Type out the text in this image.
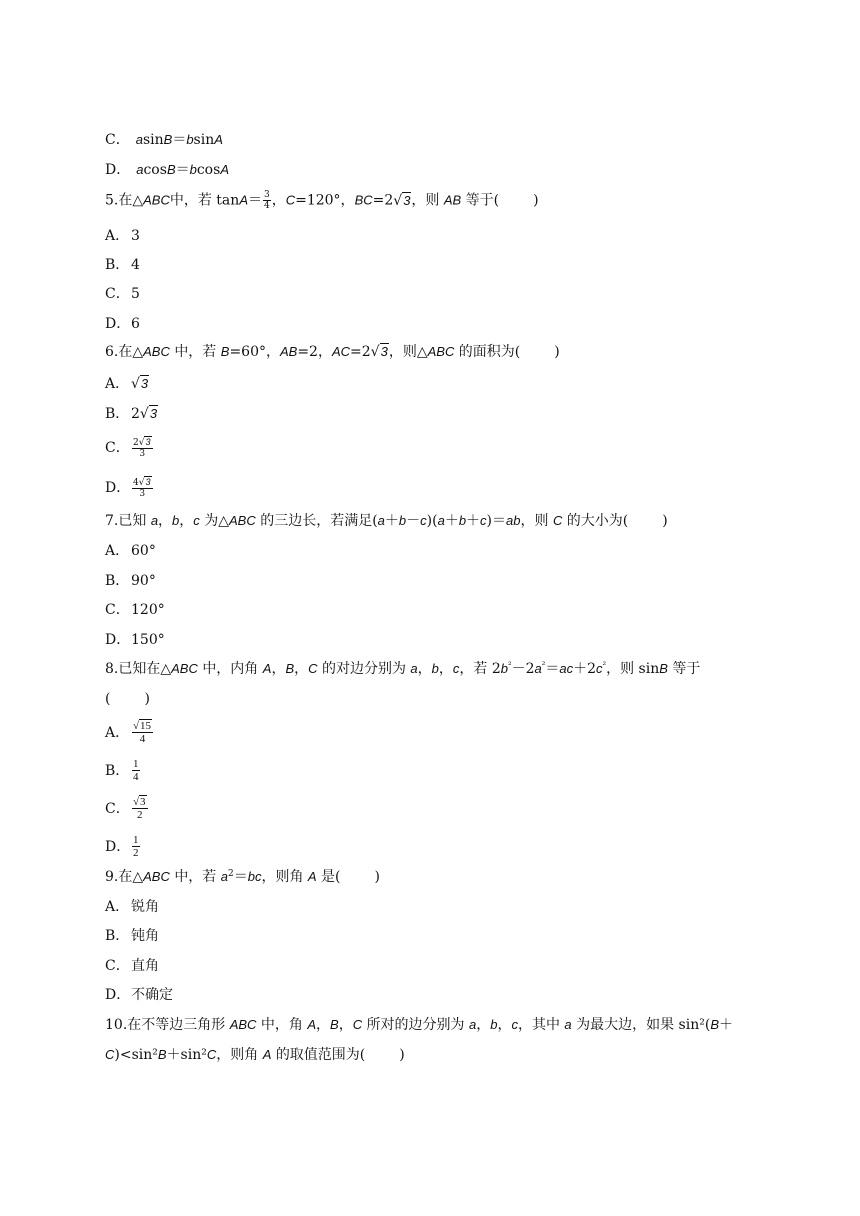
C． asinB＝bsinA
D． acosB＝bcosA
5.在△ABC中，若 $\tan A= \frac{3}{4}$ ，C=120°，BC=2√3，则 AB 等于( )
A． 3
B． 4
C．5
D．6
6.在△ABC 中，若 B=60°，AB=2，AC=2√3，则△ABC 的面积为( )
A． √3
B． 2√3
C． $\frac{2√3}{3}$
D． $\frac{4√3}{3}$
7.已知 a，b，c 为△ABC 的三边长，若满足(a＋b－c)(a＋b＋c)＝ab，则 C 的大小为( )
A． 60°
B． 90°
C．120°
D．150°
8.已知在△ABC 中，内角 A，B，C 的对边分别为 a，b，c，若 $2b^{^2}-2a^{^2}=ac+2c^{^2}$，则 sinB 等于
( )
A． $\frac{√15}{4}$
B． $\frac{1}{4}$
C． $\frac{√3}{2}$
D． $\frac{1}{2}$
9.在△ABC 中，若 $a^2=bc$，则角 A 是( )
A． 锐角
B． 钝角
C．直角
D．不确定
10.在不等边三角形 ABC 中，角 A，B，C 所对的边分别为 a，b，c，其中 a 为最大边，如果 sin²(B＋
C)<sin²B＋sin²C，则角 A 的取值范围为( )
